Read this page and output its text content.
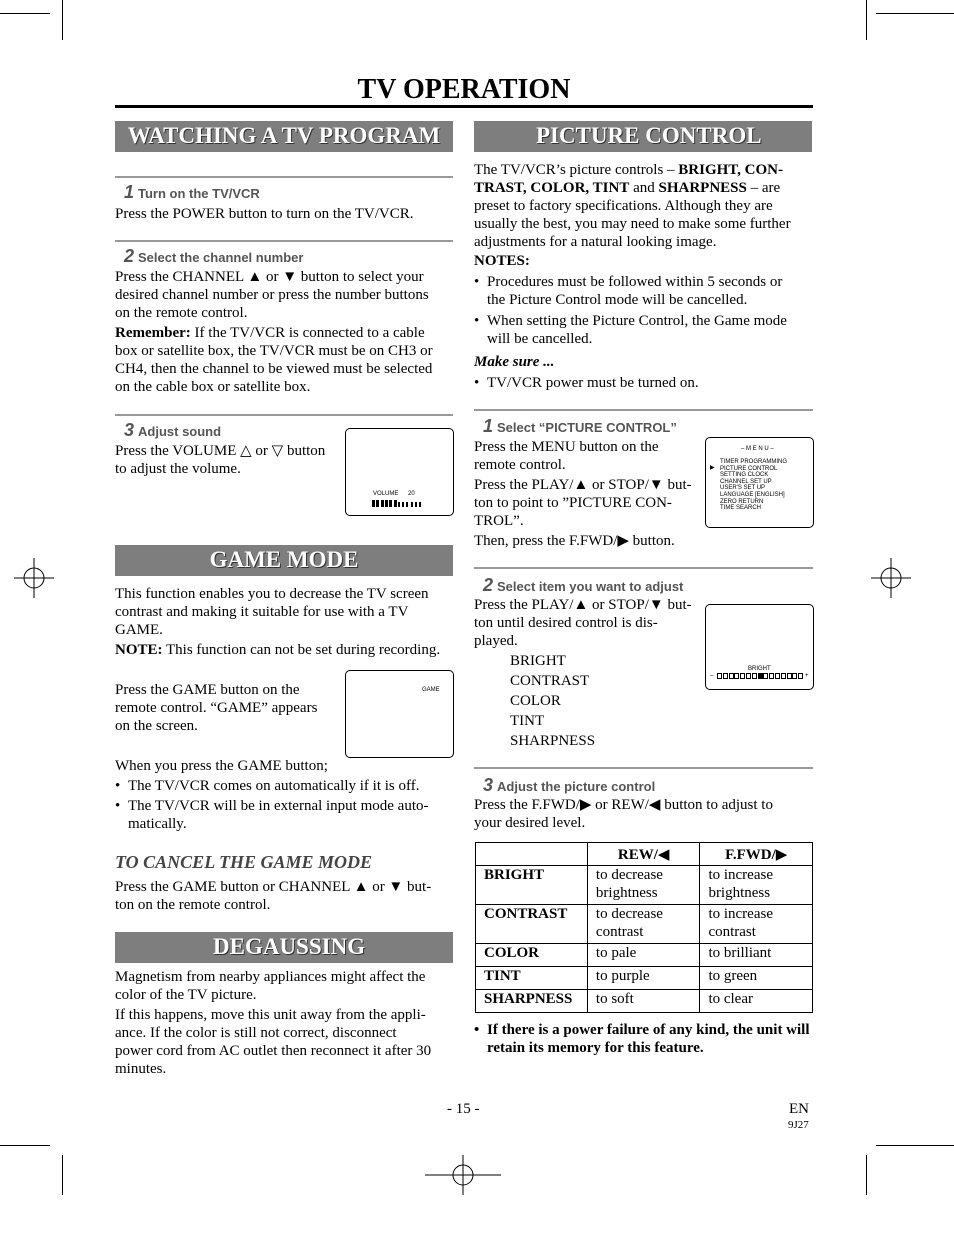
TV OPERATION
WATCHING A TV PROGRAM
1 Turn on the TV/VCR
Press the POWER button to turn on the TV/VCR.
2 Select the channel number
Press the CHANNEL ▲ or ▼ button to select your
desired channel number or press the number buttons
on the remote control.
Remember: If the TV/VCR is connected to a cable
box or satellite box, the TV/VCR must be on CH3 or
CH4, then the channel to be viewed must be selected
on the cable box or satellite box.
3 Adjust sound
Press the VOLUME △ or ▽ button
to adjust the volume.
VOLUME 20
GAME MODE
This function enables you to decrease the TV screen
contrast and making it suitable for use with a TV
GAME.
NOTE: This function can not be set during recording.
Press the GAME button on the
remote control. “GAME” appears
on the screen.
GAME
When you press the GAME button;
• The TV/VCR comes on automatically if it is off.
• The TV/VCR will be in external input mode auto-
matically.
TO CANCEL THE GAME MODE
Press the GAME button or CHANNEL ▲ or ▼ but-
ton on the remote control.
DEGAUSSING
Magnetism from nearby appliances might affect the
color of the TV picture.
If this happens, move this unit away from the appli-
ance. If the color is still not correct, disconnect
power cord from AC outlet then reconnect it after 30
minutes.
PICTURE CONTROL
The TV/VCR’s picture controls – BRIGHT, CON-
TRAST, COLOR, TINT and SHARPNESS – are
preset to factory specifications. Although they are
usually the best, you may need to make some further
adjustments for a natural looking image.
NOTES:
• Procedures must be followed within 5 seconds or
the Picture Control mode will be cancelled.
• When setting the Picture Control, the Game mode
will be cancelled.
Make sure ...
• TV/VCR power must be turned on.
1 Select “PICTURE CONTROL”
Press the MENU button on the
remote control.
Press the PLAY/▲ or STOP/▼ but-
ton to point to ”PICTURE CON-
TROL”.
Then, press the F.FWD/▶ button.
– M E N U –
▶
TIMER PROGRAMMING
PICTURE CONTROL
SETTING CLOCK
CHANNEL SET UP
USER'S SET UP
LANGUAGE [ENGLISH]
ZERO RETURN
TIME SEARCH
2 Select item you want to adjust
Press the PLAY/▲ or STOP/▼ but-
ton until desired control is dis-
played.
BRIGHT
CONTRAST
COLOR
TINT
SHARPNESS
BRIGHT
–	+
3 Adjust the picture control
Press the F.FWD/▶ or REW/◀ button to adjust to
your desired level.
	REW/◀	F.FWD/▶
BRIGHT	to decrease brightness	to increase brightness
CONTRAST	to decrease contrast	to increase contrast
COLOR	to pale	to brilliant
TINT	to purple	to green
SHARPNESS	to soft	to clear
• If there is a power failure of any kind, the unit will
retain its memory for this feature.
- 15 -	EN
9J27
